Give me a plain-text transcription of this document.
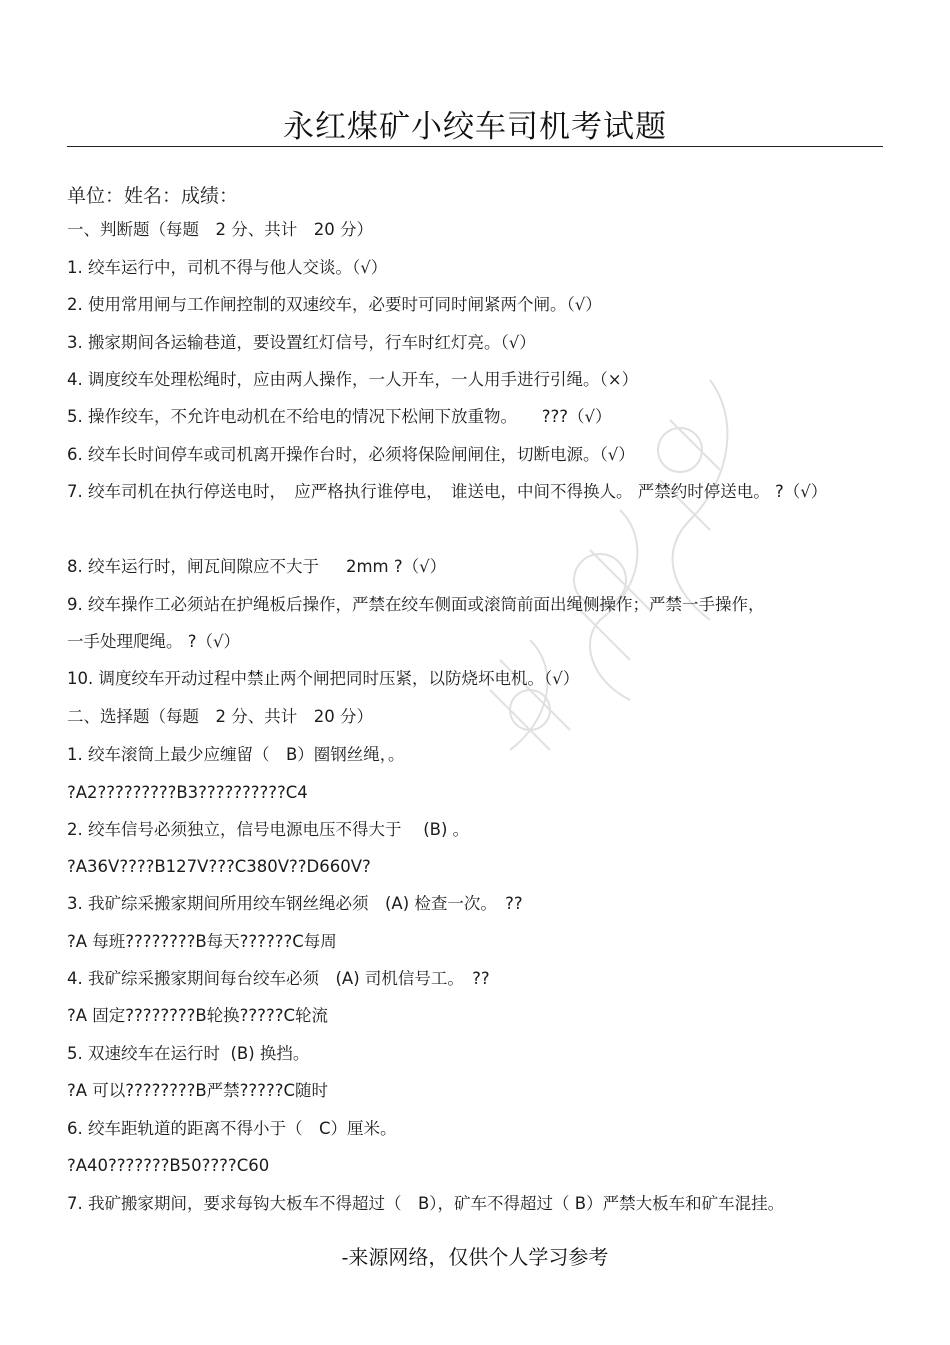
永红煤矿小绞车司机考试题
单位：姓名：成绩：
一、判断题（每题　2 分、共计　20 分）
1. 绞车运行中，司机不得与他人交谈。（√）
2. 使用常用闸与工作闸控制的双速绞车，必要时可同时闸紧两个闸。（√）
3. 搬家期间各运输巷道，要设置红灯信号，行车时红灯亮。（√）
4. 调度绞车处理松绳时，应由两人操作，一人开车，一人用手进行引绳。（×）
5. 操作绞车，不允许电动机在不给电的情况下松闸下放重物。　　???（√）
6. 绞车长时间停车或司机离开操作台时，必须将保险闸闸住，切断电源。（√）
7. 绞车司机在执行停送电时，　应严格执行谁停电，　谁送电，中间不得换人。 严禁约时停送电。 ?（√）
8. 绞车运行时，闸瓦间隙应不大于　  2mm ?（√）
9. 绞车操作工必须站在护绳板后操作，严禁在绞车侧面或滚筒前面出绳侧操作；严禁一手操作，
一手处理爬绳。 ?（√）
10. 调度绞车开动过程中禁止两个闸把同时压紧，以防烧坏电机。（√）
二、选择题（每题　2 分、共计　20 分）
1. 绞车滚筒上最少应缠留（　B）圈钢丝绳，。
?A2?????????B3??????????C4
2. 绞车信号必须独立，信号电源电压不得大于　 (B) 。
?A36V????B127V???C380V??D660V?
3. 我矿综采搬家期间所用绞车钢丝绳必须　(A) 检查一次。　??
?A 每班????????B每天??????C每周
4. 我矿综采搬家期间每台绞车必须　(A) 司机信号工。　??
?A 固定????????B轮换?????C轮流
5. 双速绞车在运行时  (B) 换挡。
?A 可以????????B严禁?????C随时
6. 绞车距轨道的距离不得小于（　C）厘米。
?A40???????B50????C60
7. 我矿搬家期间，要求每钩大板车不得超过（　B），矿车不得超过（ B）严禁大板车和矿车混挂。
-来源网络，仅供个人学习参考
